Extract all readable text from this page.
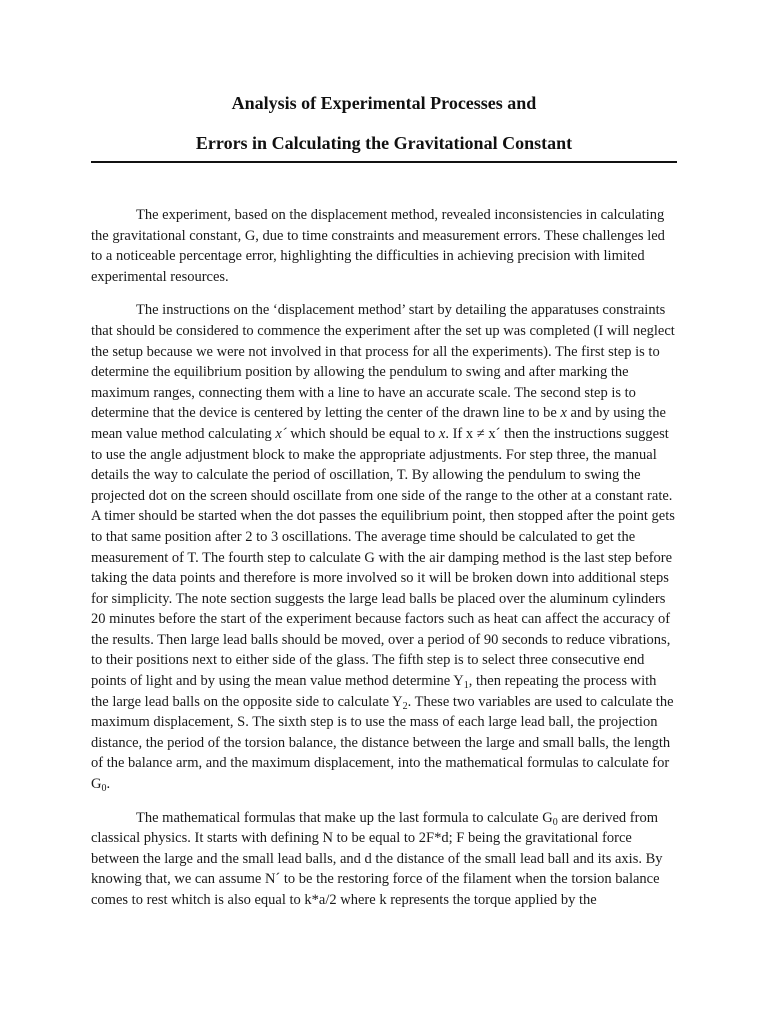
Analysis of Experimental Processes and
Errors in Calculating the Gravitational Constant

The experiment, based on the displacement method, revealed inconsistencies in calculating the gravitational constant, G, due to time constraints and measurement errors. These challenges led to a noticeable percentage error, highlighting the difficulties in achieving precision with limited experimental resources.

The instructions on the ‘displacement method’ start by detailing the apparatuses constraints that should be considered to commence the experiment after the set up was completed (I will neglect the setup because we were not involved in that process for all the experiments). The first step is to determine the equilibrium position by allowing the pendulum to swing and after marking the maximum ranges, connecting them with a line to have an accurate scale. The second step is to determine that the device is centered by letting the center of the drawn line to be x and by using the mean value method calculating x´ which should be equal to x. If x ≠ x´ then the instructions suggest to use the angle adjustment block to make the appropriate adjustments. For step three, the manual details the way to calculate the period of oscillation, T. By allowing the pendulum to swing the projected dot on the screen should oscillate from one side of the range to the other at a constant rate. A timer should be started when the dot passes the equilibrium point, then stopped after the point gets to that same position after 2 to 3 oscillations. The average time should be calculated to get the measurement of T. The fourth step to calculate G with the air damping method is the last step before taking the data points and therefore is more involved so it will be broken down into additional steps for simplicity. The note section suggests the large lead balls be placed over the aluminum cylinders 20 minutes before the start of the experiment because factors such as heat can affect the accuracy of the results. Then large lead balls should be moved, over a period of 90 seconds to reduce vibrations, to their positions next to either side of the glass. The fifth step is to select three consecutive end points of light and by using the mean value method determine $Y_1$, then repeating the process with the large lead balls on the opposite side to calculate $Y_2$. These two variables are used to calculate the maximum displacement, S. The sixth step is to use the mass of each large lead ball, the projection distance, the period of the torsion balance, the distance between the large and small balls, the length of the balance arm, and the maximum displacement, into the mathematical formulas to calculate for $G_0$.

The mathematical formulas that make up the last formula to calculate $G_0$ are derived from classical physics. It starts with defining N to be equal to 2F*d; F being the gravitational force between the large and the small lead balls, and d the distance of the small lead ball and its axis. By knowing that, we can assume N´ to be the restoring force of the filament when the torsion balance comes to rest whitch is also equal to k*a/2 where k represents the torque applied by the
